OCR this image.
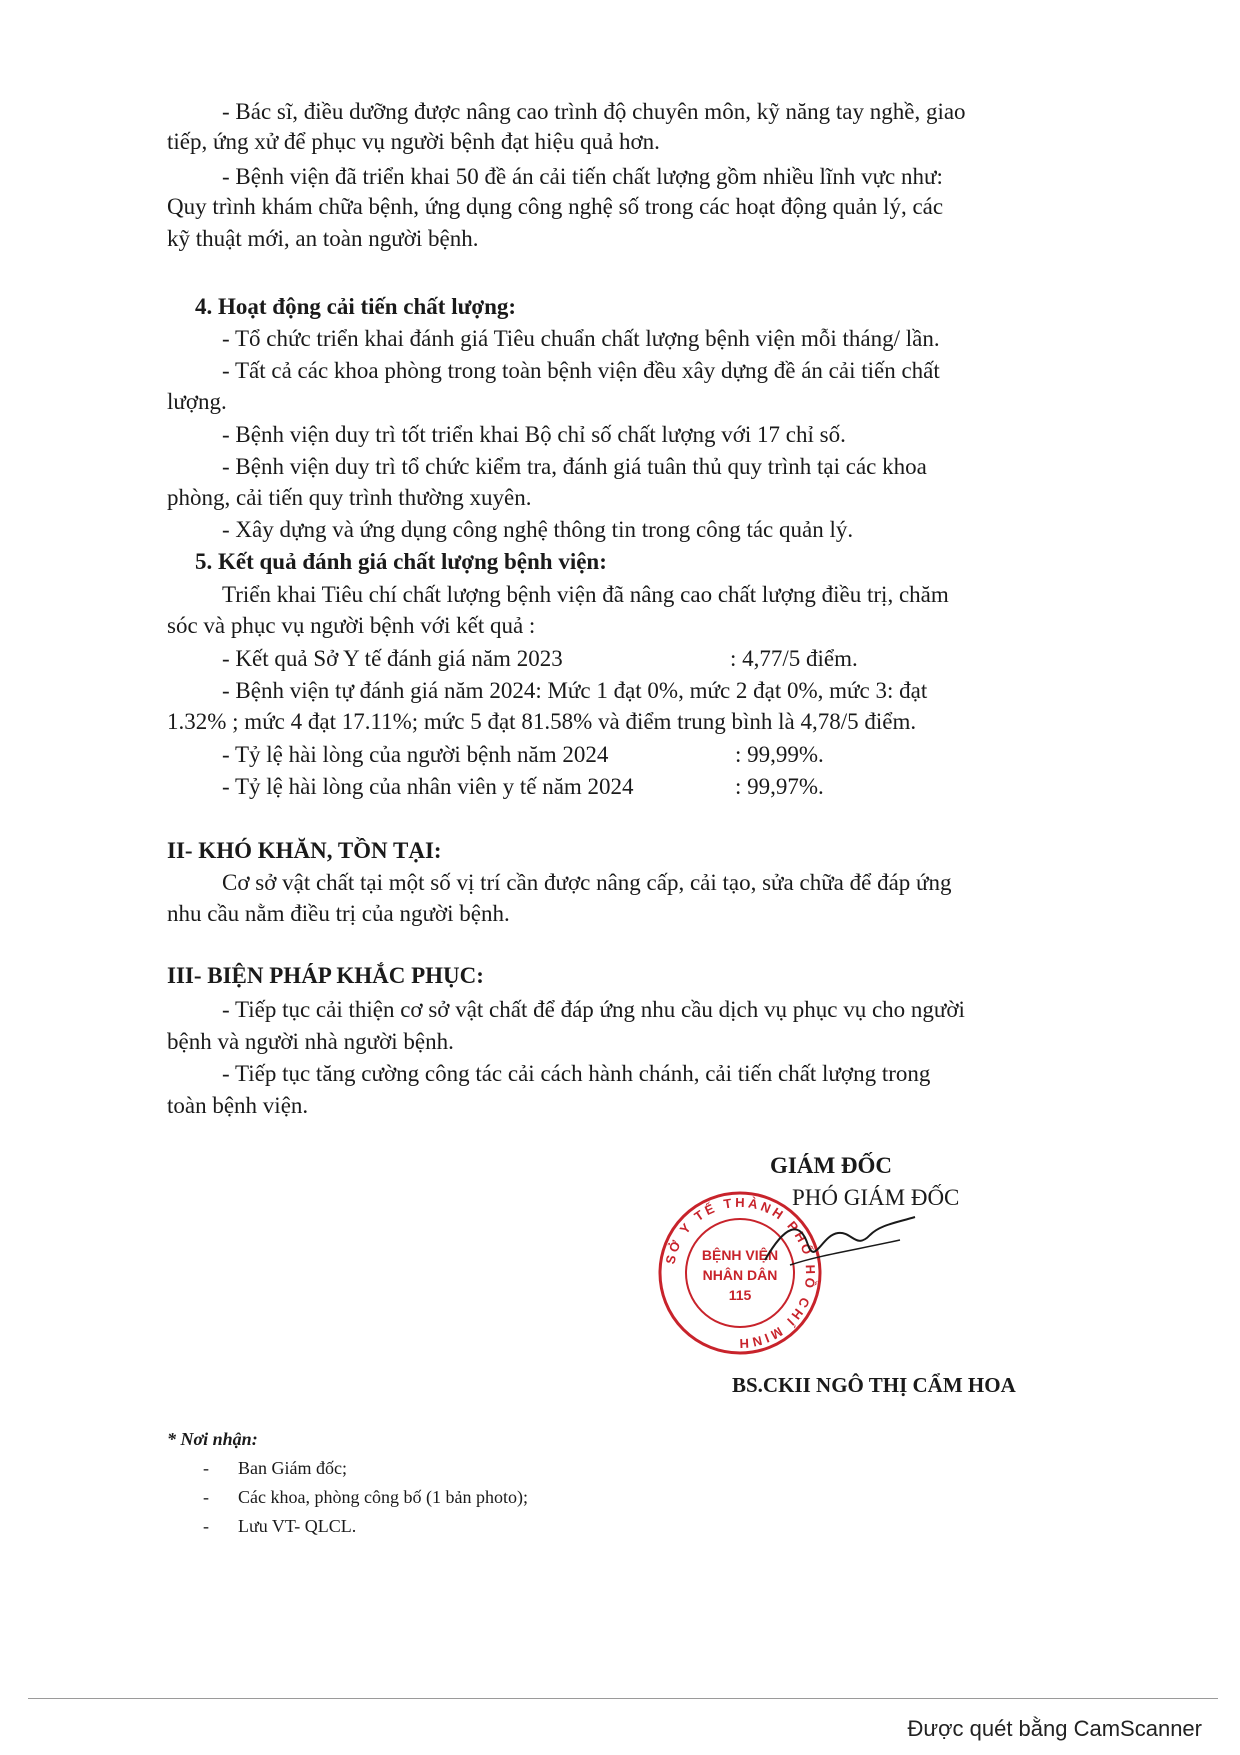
- Bác sĩ, điều dưỡng được nâng cao trình độ chuyên môn, kỹ năng tay nghề, giao
tiếp, ứng xử để phục vụ người bệnh đạt hiệu quả hơn.
- Bệnh viện đã triển khai 50 đề án cải tiến chất lượng gồm nhiều lĩnh vực như:
Quy trình khám chữa bệnh, ứng dụng công nghệ số trong các hoạt động quản lý, các
kỹ thuật mới, an toàn người bệnh.
4. Hoạt động cải tiến chất lượng:
- Tổ chức triển khai đánh giá Tiêu chuẩn chất lượng bệnh viện mỗi tháng/ lần.
- Tất cả các khoa phòng trong toàn bệnh viện đều xây dựng đề án cải tiến chất
lượng.
- Bệnh viện duy trì tốt triển khai Bộ chỉ số chất lượng với 17 chỉ số.
- Bệnh viện duy trì tổ chức kiểm tra, đánh giá tuân thủ quy trình tại các khoa
phòng, cải tiến quy trình thường xuyên.
- Xây dựng và ứng dụng công nghệ thông tin trong công tác quản lý.
5. Kết quả đánh giá chất lượng bệnh viện:
Triển khai Tiêu chí chất lượng bệnh viện đã nâng cao chất lượng điều trị, chăm
sóc và phục vụ người bệnh với kết quả :
- Kết quả Sở Y tế đánh giá năm 2023	: 4,77/5 điểm.
- Bệnh viện tự đánh giá năm 2024: Mức 1 đạt 0%, mức 2 đạt 0%, mức 3: đạt
1.32% ; mức 4 đạt 17.11%; mức 5 đạt 81.58% và điểm trung bình là 4,78/5 điểm.
- Tỷ lệ hài lòng của người bệnh năm 2024	: 99,99%.
- Tỷ lệ hài lòng của nhân viên y tế năm 2024	: 99,97%.
II- KHÓ KHĂN, TỒN TẠI:
Cơ sở vật chất tại một số vị trí cần được nâng cấp, cải tạo, sửa chữa để đáp ứng
nhu cầu nằm điều trị của người bệnh.
III- BIỆN PHÁP KHẮC PHỤC:
- Tiếp tục cải thiện cơ sở vật chất để đáp ứng nhu cầu dịch vụ phục vụ cho người
bệnh và người nhà người bệnh.
- Tiếp tục tăng cường công tác cải cách hành chánh, cải tiến chất lượng trong
toàn bệnh viện.
GIÁM ĐỐC
PHÓ GIÁM ĐỐC
SỞ Y TẾ THÀNH PHỐ HỒ CHÍ MINH
BỆNH VIỆN
NHÂN DÂN
115
BS.CKII NGÔ THỊ CẨM HOA
* Nơi nhận:
- Ban Giám đốc;
- Các khoa, phòng công bố (1 bản photo);
- Lưu VT- QLCL.
Được quét bằng CamScanner
